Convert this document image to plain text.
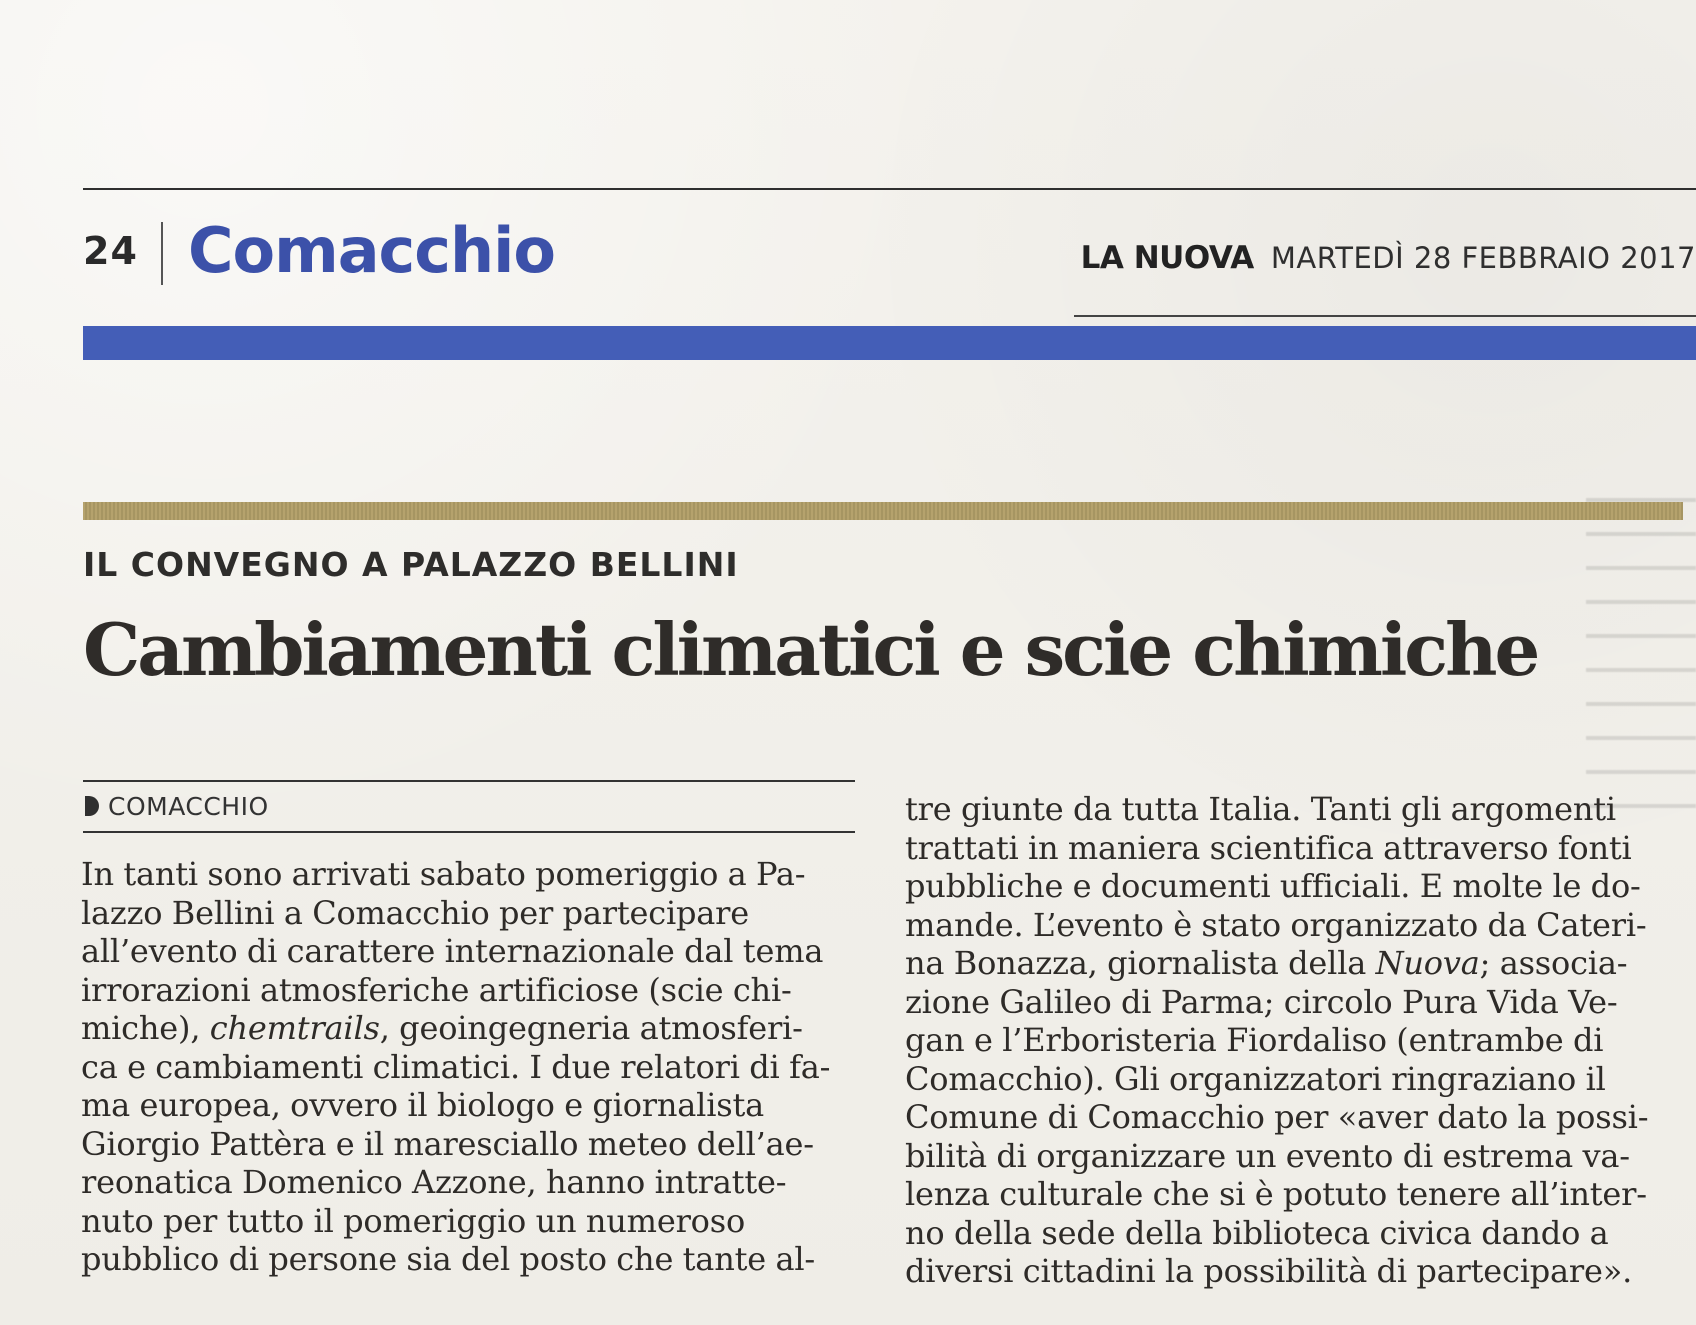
24 Comacchio	LA NUOVA MARTEDÌ 28 FEBBRAIO 2017
IL CONVEGNO A PALAZZO BELLINI
Cambiamenti climatici e scie chimiche
COMACCHIO
In tanti sono arrivati sabato pomeriggio a Pa-
lazzo Bellini a Comacchio per partecipare
all’evento di carattere internazionale dal tema
irrorazioni atmosferiche artificiose (scie chi-
miche), chemtrails, geoingegneria atmosferi-
ca e cambiamenti climatici. I due relatori di fa-
ma europea, ovvero il biologo e giornalista
Giorgio Pattèra e il maresciallo meteo dell’ae-
reonatica Domenico Azzone, hanno intratte-
nuto per tutto il pomeriggio un numeroso
pubblico di persone sia del posto che tante al-
tre giunte da tutta Italia. Tanti gli argomenti
trattati in maniera scientifica attraverso fonti
pubbliche e documenti ufficiali. E molte le do-
mande. L’evento è stato organizzato da Cateri-
na Bonazza, giornalista della Nuova; associa-
zione Galileo di Parma; circolo Pura Vida Ve-
gan e l’Erboristeria Fiordaliso (entrambe di
Comacchio). Gli organizzatori ringraziano il
Comune di Comacchio per «aver dato la possi-
bilità di organizzare un evento di estrema va-
lenza culturale che si è potuto tenere all’inter-
no della sede della biblioteca civica dando a
diversi cittadini la possibilità di partecipare».
